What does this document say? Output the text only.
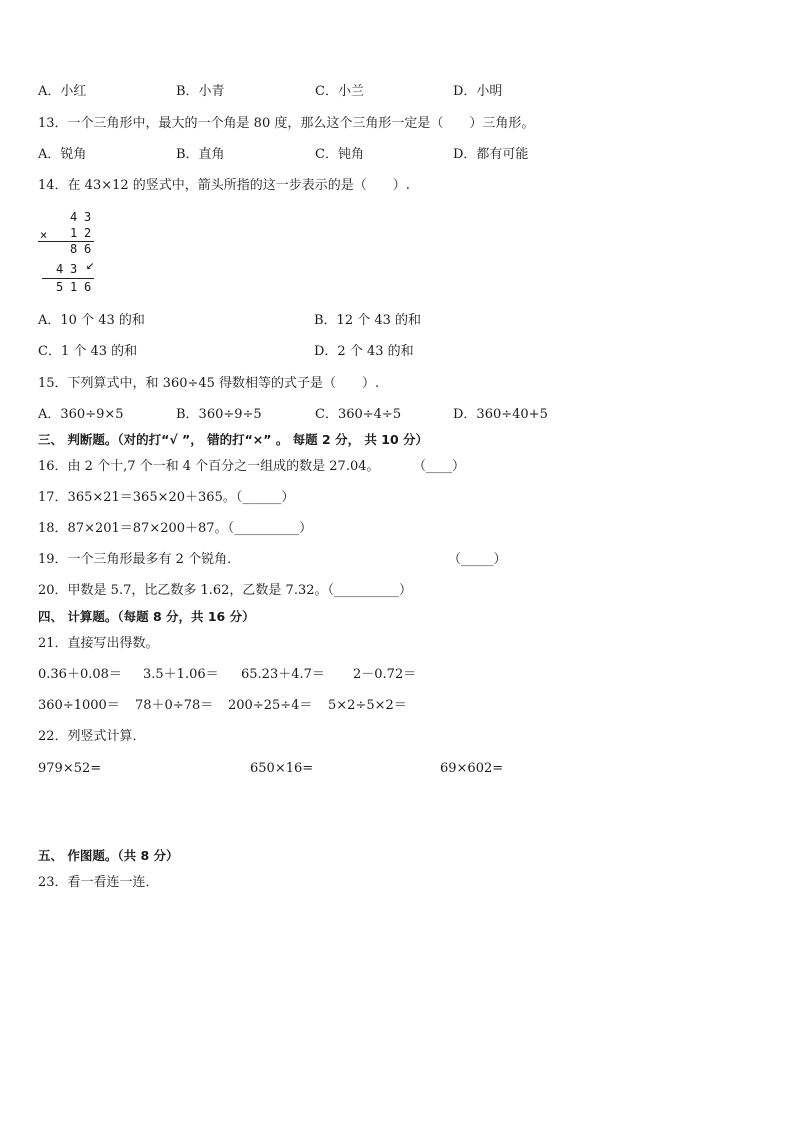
A．小红	B．小青	C．小兰	D．小明
13．一个三角形中，最大的一个角是 80 度，那么这个三角形一定是（　　）三角形。
A．锐角	B．直角	C．钝角	D．都有可能
14．在 43×12 的竖式中，箭头所指的这一步表示的是（　　）.
4 3
× 1 2
8 6
4 3 ↙
5 1 6
A．10 个 43 的和	B．12 个 43 的和
C．1 个 43 的和	D．2 个 43 的和
15．下列算式中，和 360÷45 得数相等的式子是（　　）.
A．360÷9×5	B．360÷9÷5	C．360÷4÷5	D．360÷40+5
三、 判断题。（对的打“√ ”， 错的打“×” 。 每题 2 分， 共 10 分）
16．由 2 个十,7 个一和 4 个百分之一组成的数是 27.04。	（____）
17．365×21＝365×20＋365。（______）
18．87×201＝87×200＋87。（__________）
19．一个三角形最多有 2 个锐角．	（_____）
20．甲数是 5.7，比乙数多 1.62，乙数是 7.32。（__________）
四、 计算题。（每题 8 分，共 16 分）
21．直接写出得数。
0.36＋0.08＝ 3.5＋1.06＝ 65.23＋4.7＝ 2－0.72＝
360÷1000＝ 78＋0÷78＝ 200÷25÷4＝ 5×2÷5×2＝
22．列竖式计算．
979×52=	650×16=	69×602=
五、 作图题。（共 8 分）
23．看一看连一连．
